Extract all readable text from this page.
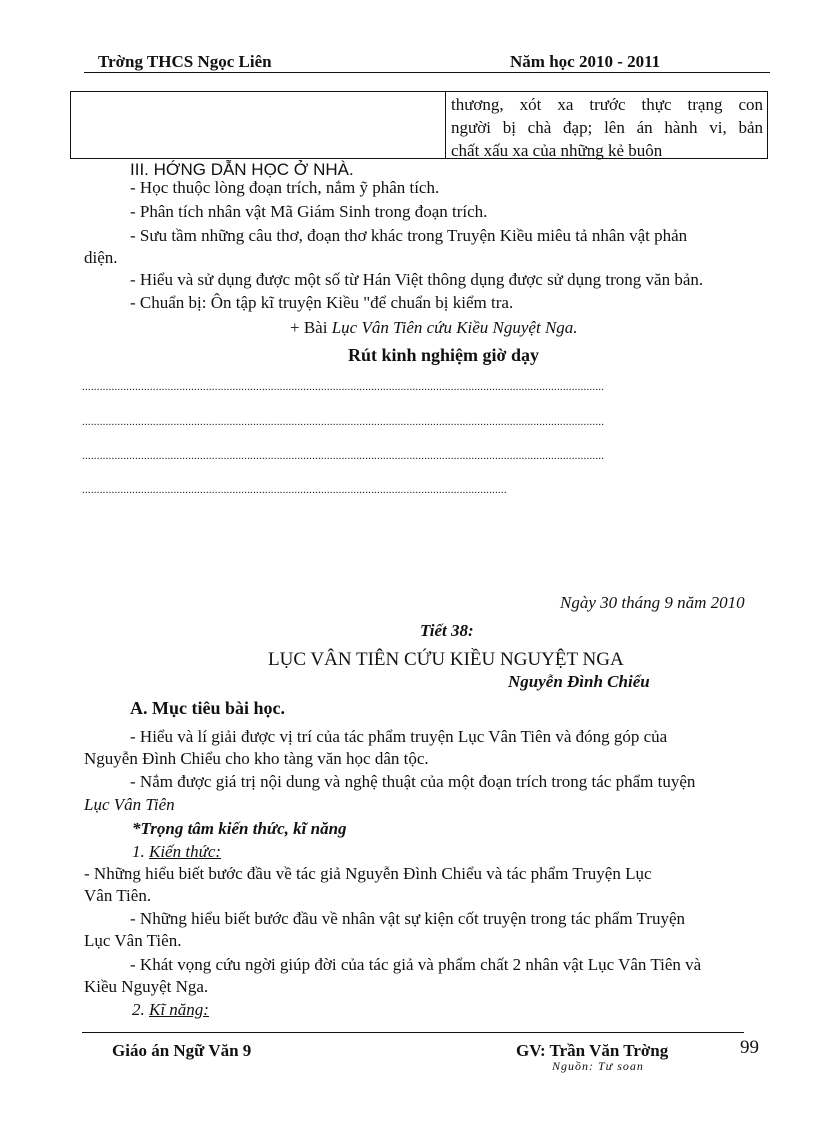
Trờng THCS Ngọc Liên	Năm học 2010 - 2011
thương, xót xa trước thực trạng con
người bị chà đạp; lên án hành vi, bản
chất xấu xa của những kẻ buôn
III. HỚNG DẪN HỌC Ở NHÀ.
- Học thuộc lòng đoạn trích, nắm ỹ phân tích.
- Phân tích nhân vật Mã Giám Sinh trong đoạn trích.
- Sưu tầm những câu thơ, đoạn thơ khác trong Truyện Kiều miêu tả nhân vật phản
diện.
- Hiểu và sử dụng được một số từ Hán Việt thông dụng được sử dụng trong văn bản.
- Chuẩn bị: Ôn tập kĩ truyện Kiều "để chuẩn bị kiểm tra.
+ Bài Lục Vân Tiên cứu Kiều Nguyệt Nga.
Rút kinh nghiệm giờ dạy
.................................................................................................................................................................................
.................................................................................................................................................................................
.................................................................................................................................................................................
................................................................................................................................................
Ngày 30 tháng 9 năm 2010
Tiết 38:
LỤC VÂN TIÊN CỨU KIỀU NGUYỆT NGA
Nguyễn Đình Chiểu
A. Mục tiêu bài học.
- Hiểu và lí giải được vị trí của tác phẩm truyện Lục Vân Tiên và đóng góp của
Nguyễn Đình Chiểu cho kho tàng văn học dân tộc.
- Nắm được giá trị nội dung và nghệ thuật của một đoạn trích trong tác phẩm tuyện
Lục Vân Tiên
*Trọng tâm kiến thức, kĩ năng
1. Kiến thức:
- Những hiểu biết bước đầu về tác giả Nguyễn Đình Chiểu và tác phẩm Truyện Lục
Vân Tiên.
- Những hiểu biết bước đầu về nhân vật sự kiện cốt truyện trong tác phẩm Truyện
Lục Vân Tiên.
- Khát vọng cứu ngời giúp đời của tác giả và phẩm chất 2 nhân vật Lục Vân Tiên và
Kiều Nguyệt Nga.
2. Kĩ năng:
Giáo án Ngữ Văn 9	GV: Trần Văn Trờng	99
Nguồn: Tư soan
